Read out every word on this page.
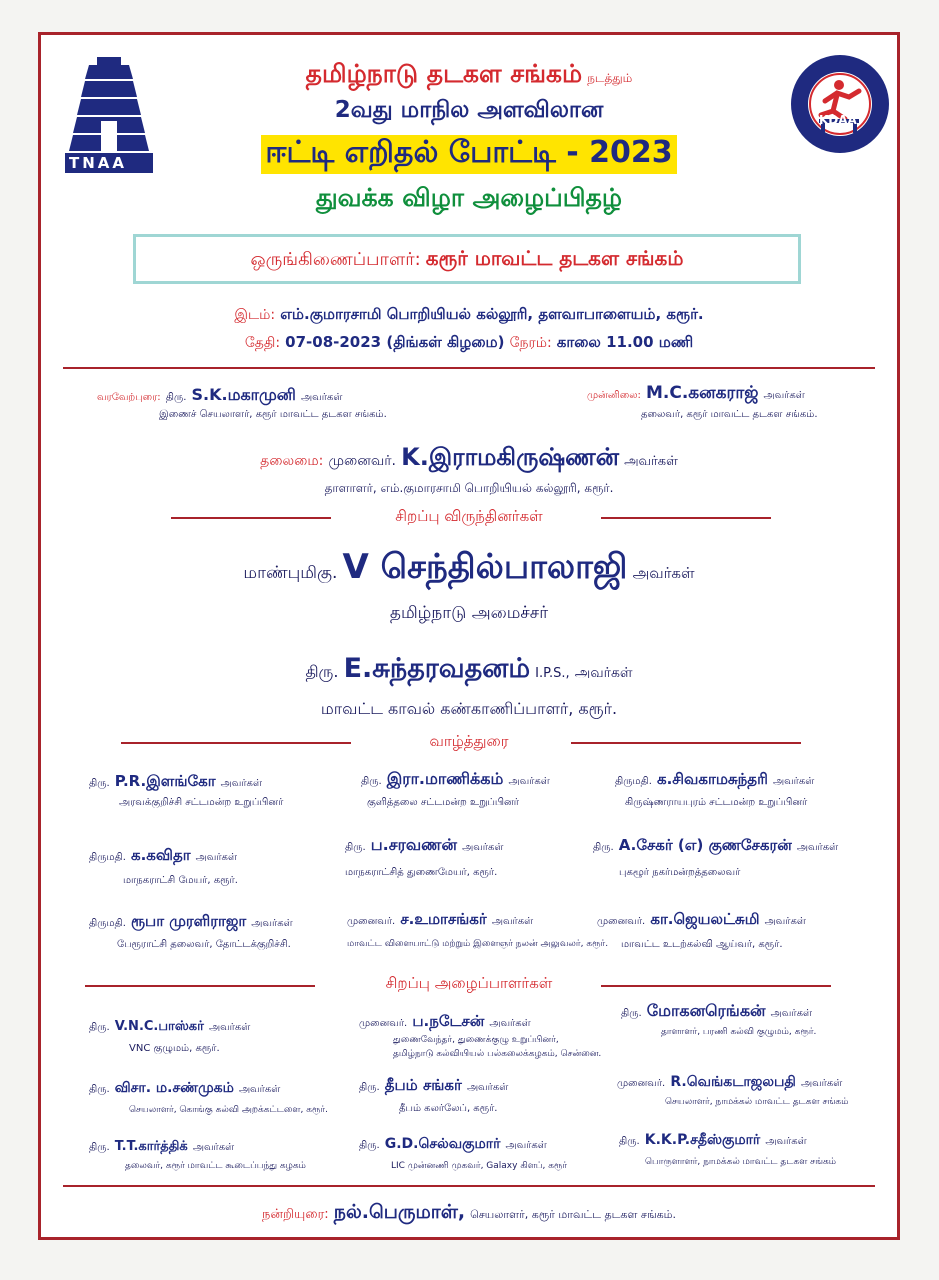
TNAA
KDAA
தமிழ்நாடு தடகள சங்கம் நடத்தும்
2வது மாநில அளவிலான
ஈட்டி எறிதல் போட்டி - 2023
துவக்க விழா அழைப்பிதழ்
ஒருங்கிணைப்பாளர்: கரூர் மாவட்ட தடகள சங்கம்
இடம்: எம்.குமாரசாமி பொறியியல் கல்லூரி, தளவாபாளையம், கரூர்.
தேதி: 07-08-2023 (திங்கள் கிழமை) நேரம்: காலை 11.00 மணி
வரவேற்புரை: திரு. S.K.மகாமுனி அவர்கள்
இணைச் செயலாளர், கரூர் மாவட்ட தடகள சங்கம்.
முன்னிலை: M.C.கனகராஜ் அவர்கள்
தலைவர், கரூர் மாவட்ட தடகள சங்கம்.
தலைமை: முனைவர். K.இராமகிருஷ்ணன் அவர்கள்
தாளாளர், எம்.குமாரசாமி பொறியியல் கல்லூரி, கரூர்.
சிறப்பு விருந்தினர்கள்
மாண்புமிகு. V செந்தில்பாலாஜி அவர்கள்
தமிழ்நாடு அமைச்சர்
திரு. E.சுந்தரவதனம் I.P.S., அவர்கள்
மாவட்ட காவல் கண்காணிப்பாளர், கரூர்.
வாழ்த்துரை
திரு. P.R.இளங்கோ அவர்கள்
அரவக்குறிச்சி சட்டமன்ற உறுப்பினர்
திரு. இரா.மாணிக்கம் அவர்கள்
குளித்தலை சட்டமன்ற உறுப்பினர்
திருமதி. க.சிவகாமசுந்தரி அவர்கள்
கிருஷ்ணராயபுரம் சட்டமன்ற உறுப்பினர்
திருமதி. க.கவிதா அவர்கள்
மாநகராட்சி மேயர், கரூர்.
திரு. ப.சரவணன் அவர்கள்
மாநகராட்சித் துணைமேயர், கரூர்.
திரு. A.சேகர் (எ) குணசேகரன் அவர்கள்
புகழூர் நகர்மன்றத்தலைவர்
திருமதி. ரூபா முரளிராஜா அவர்கள்
பேரூராட்சி தலைவர், தோட்டக்குறிச்சி.
முனைவர். ச.உமாசங்கர் அவர்கள்
மாவட்ட விளையாட்டு மற்றும் இளைஞர் நலன் அலுவலர், கரூர்.
முனைவர். கா.ஜெயலட்சுமி அவர்கள்
மாவட்ட உடற்கல்வி ஆய்வர், கரூர்.
சிறப்பு அழைப்பாளர்கள்
திரு. V.N.C.பாஸ்கர் அவர்கள்
VNC குழுமம், கரூர்.
முனைவர். ப.நடேசன் அவர்கள்
துணைவேந்தர், துணைக்குழு உறுப்பினர்,
தமிழ்நாடு கல்வியியல் பல்கலைக்கழகம், சென்னை.
திரு. மோகனரெங்கன் அவர்கள்
தாளாளர், பரணி கல்வி குழுமம், கரூர்.
திரு. விசா. ம.சண்முகம் அவர்கள்
செயலாளர், கொங்கு கல்வி அறக்கட்டளை, கரூர்.
திரு. தீபம் சங்கர் அவர்கள்
தீபம் கலர்லேப், கரூர்.
முனைவர். R.வெங்கடாஜலபதி அவர்கள்
செயலாளர், நாமக்கல் மாவட்ட தடகள சங்கம்
திரு. T.T.கார்த்திக் அவர்கள்
தலைவர், கரூர் மாவட்ட கூடைப்பந்து கழகம்
திரு. G.D.செல்வகுமார் அவர்கள்
LIC முன்னணி முகவர், Galaxy கிளப், கரூர்
திரு. K.K.P.சதீஸ்குமார் அவர்கள்
பொருளாளர், நாமக்கல் மாவட்ட தடகள சங்கம்
நன்றியுரை: நல்.பெருமாள், செயலாளர், கரூர் மாவட்ட தடகள சங்கம்.
